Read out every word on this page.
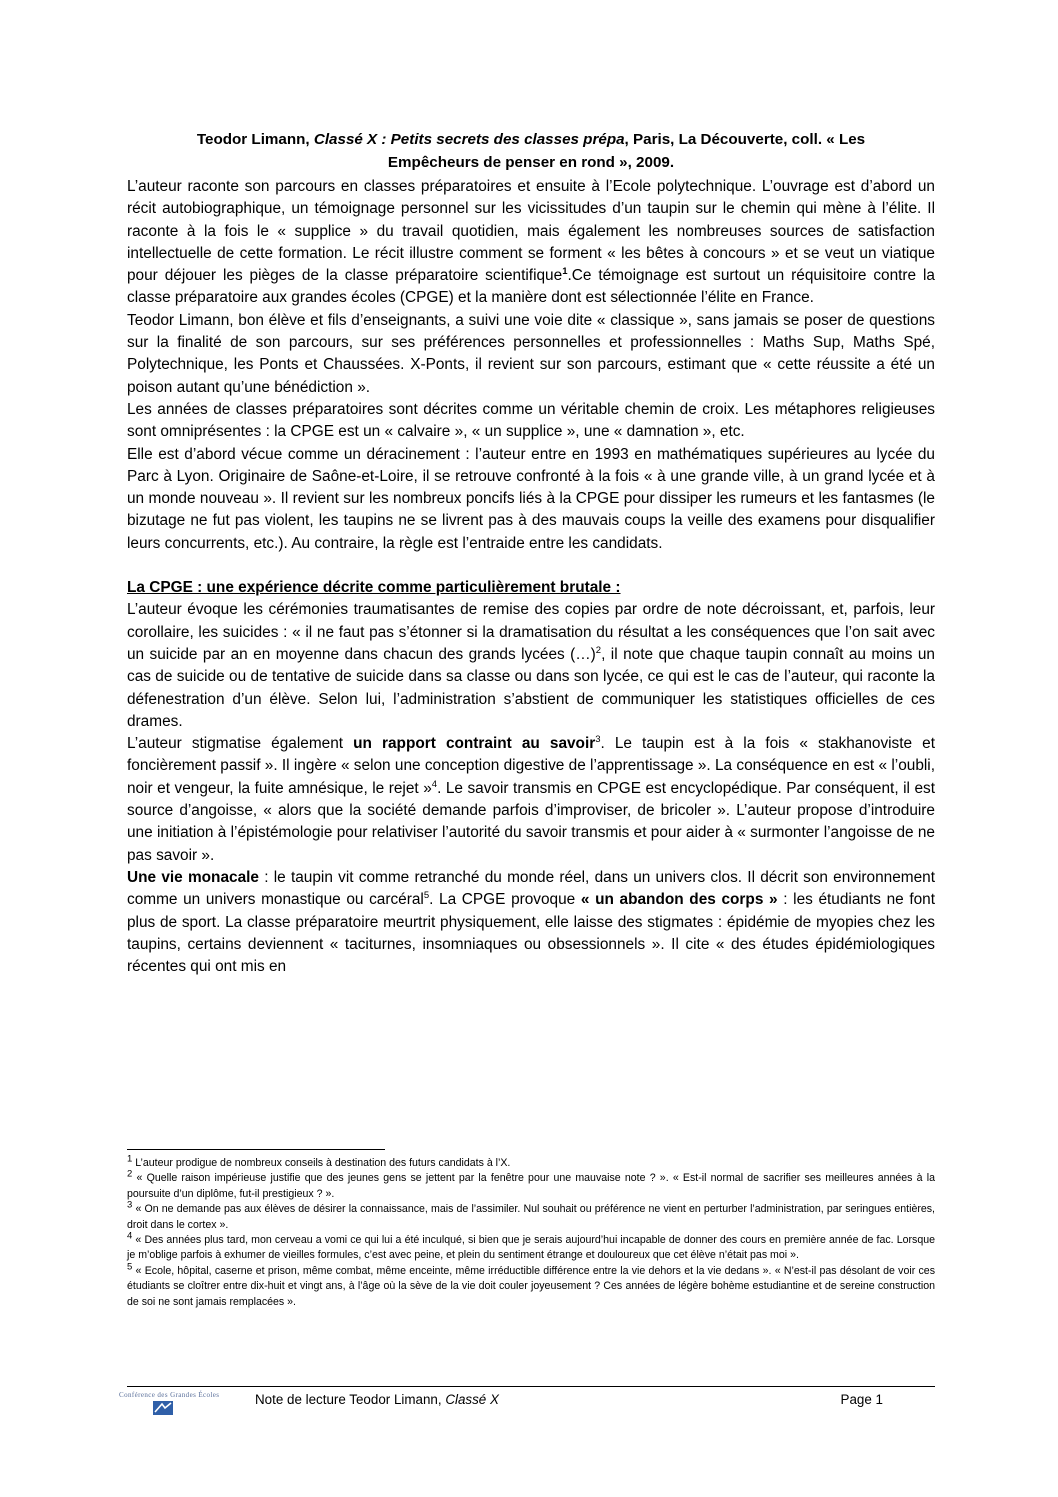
Teodor Limann, Classé X : Petits secrets des classes prépa, Paris, La Découverte, coll. « Les
Empêcheurs de penser en rond », 2009.

L’auteur raconte son parcours en classes préparatoires et ensuite à l’Ecole polytechnique. L’ouvrage est d’abord un récit autobiographique, un témoignage personnel sur les vicissitudes d’un taupin sur le chemin qui mène à l’élite. Il raconte à la fois le « supplice » du travail quotidien, mais également les nombreuses sources de satisfaction intellectuelle de cette formation. Le récit illustre comment se forment « les bêtes à concours » et se veut un viatique pour déjouer les pièges de la classe préparatoire scientifique$^1$.Ce témoignage est surtout un réquisitoire contre la classe préparatoire aux grandes écoles (CPGE) et la manière dont est sélectionnée l’élite en France.

Teodor Limann, bon élève et fils d’enseignants, a suivi une voie dite « classique », sans jamais se poser de questions sur la finalité de son parcours, sur ses préférences personnelles et professionnelles : Maths Sup, Maths Spé, Polytechnique, les Ponts et Chaussées. X-Ponts, il revient sur son parcours, estimant que « cette réussite a été un poison autant qu’une bénédiction ».

Les années de classes préparatoires sont décrites comme un véritable chemin de croix. Les métaphores religieuses sont omniprésentes : la CPGE est un « calvaire », « un supplice », une « damnation », etc.

Elle est d’abord vécue comme un déracinement : l’auteur entre en 1993 en mathématiques supérieures au lycée du Parc à Lyon. Originaire de Saône-et-Loire, il se retrouve confronté à la fois « à une grande ville, à un grand lycée et à un monde nouveau ». Il revient sur les nombreux poncifs liés à la CPGE pour dissiper les rumeurs et les fantasmes (le bizutage ne fut pas violent, les taupins ne se livrent pas à des mauvais coups la veille des examens pour disqualifier leurs concurrents, etc.). Au contraire, la règle est l’entraide entre les candidats.

La CPGE : une expérience décrite comme particulièrement brutale :

L’auteur évoque les cérémonies traumatisantes de remise des copies par ordre de note décroissant, et, parfois, leur corollaire, les suicides : « il ne faut pas s’étonner si la dramatisation du résultat a les conséquences que l’on sait avec un suicide par an en moyenne dans chacun des grands lycées (…)$^2$, il note que chaque taupin connaît au moins un cas de suicide ou de tentative de suicide dans sa classe ou dans son lycée, ce qui est le cas de l’auteur, qui raconte la défenestration d’un élève. Selon lui, l’administration s’abstient de communiquer les statistiques officielles de ces drames.

L’auteur stigmatise également un rapport contraint au savoir$^3$. Le taupin est à la fois « stakhanoviste et foncièrement passif ». Il ingère « selon une conception digestive de l’apprentissage ». La conséquence en est « l’oubli, noir et vengeur, la fuite amnésique, le rejet »$^4$. Le savoir transmis en CPGE est encyclopédique. Par conséquent, il est source d’angoisse, « alors que la société demande parfois d’improviser, de bricoler ». L’auteur propose d’introduire une initiation à l’épistémologie pour relativiser l’autorité du savoir transmis et pour aider à « surmonter l’angoisse de ne pas savoir ».

Une vie monacale : le taupin vit comme retranché du monde réel, dans un univers clos. Il décrit son environnement comme un univers monastique ou carcéral$^5$. La CPGE provoque « un abandon des corps » : les étudiants ne font plus de sport. La classe préparatoire meurtrit physiquement, elle laisse des stigmates : épidémie de myopies chez les taupins, certains deviennent « taciturnes, insomniaques ou obsessionnels ». Il cite « des études épidémiologiques récentes qui ont mis en

$^1$ L’auteur prodigue de nombreux conseils à destination des futurs candidats à l’X.

$^2$ « Quelle raison impérieuse justifie que des jeunes gens se jettent par la fenêtre pour une mauvaise note ? ». « Est-il normal de sacrifier ses meilleures années à la poursuite d’un diplôme, fut-il prestigieux ? ».

$^3$ « On ne demande pas aux élèves de désirer la connaissance, mais de l’assimiler. Nul souhait ou préférence ne vient en perturber l’administration, par seringues entières, droit dans le cortex ».

$^4$ « Des années plus tard, mon cerveau a vomi ce qui lui a été inculqué, si bien que je serais aujourd’hui incapable de donner des cours en première année de fac. Lorsque je m’oblige parfois à exhumer de vieilles formules, c’est avec peine, et plein du sentiment étrange et douloureux que cet élève n’était pas moi ».

$^5$ « Ecole, hôpital, caserne et prison, même combat, même enceinte, même irréductible différence entre la vie dehors et la vie dedans ». « N’est-il pas désolant de voir ces étudiants se cloîtrer entre dix-huit et vingt ans, à l’âge où la sève de la vie doit couler joyeusement ? Ces années de légère bohème estudiantine et de sereine construction de soi ne sont jamais remplacées ».

Conférence des Grandes Écoles	Note de lecture Teodor Limann, Classé X	Page 1
